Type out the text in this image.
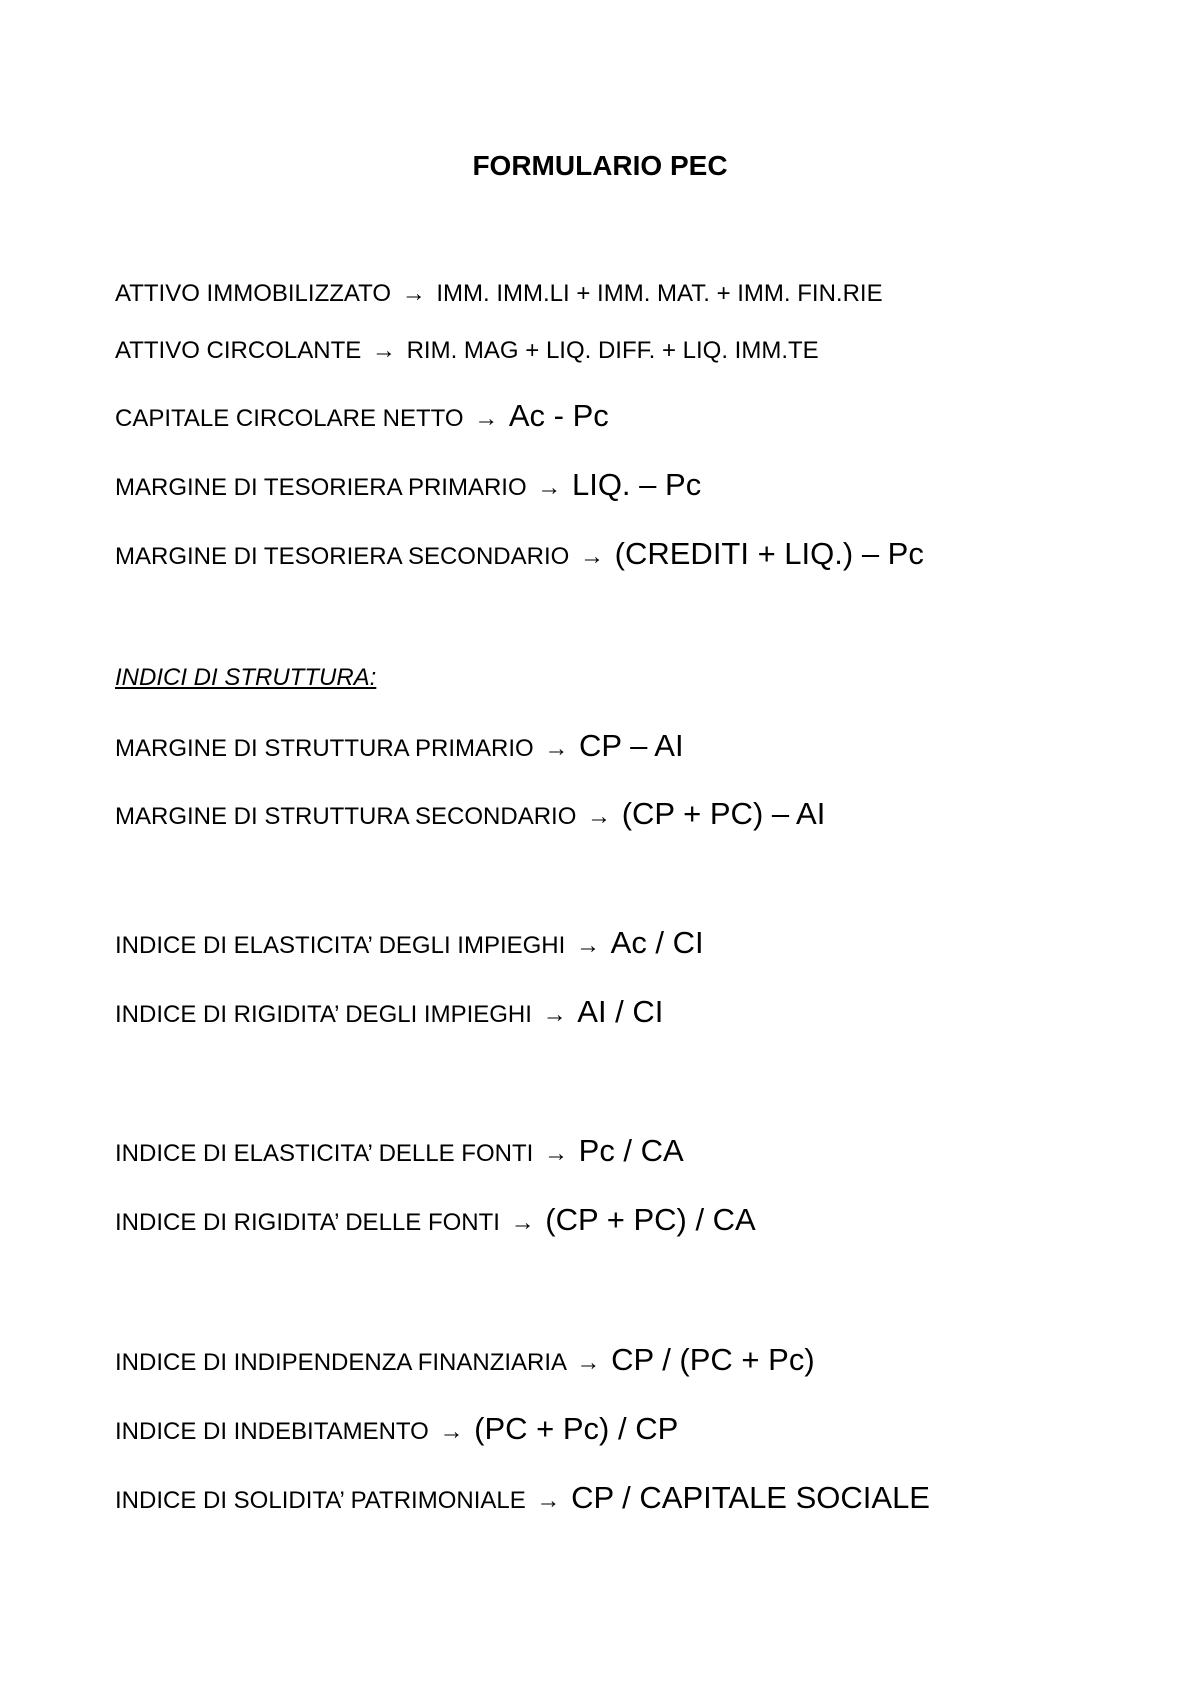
FORMULARIO PEC
ATTIVO IMMOBILIZZATO → IMM. IMM.LI + IMM. MAT. + IMM. FIN.RIE
ATTIVO CIRCOLANTE → RIM. MAG + LIQ. DIFF. + LIQ. IMM.TE
CAPITALE CIRCOLARE NETTO → Ac - Pc
MARGINE DI TESORIERA PRIMARIO → LIQ. – Pc
MARGINE DI TESORIERA SECONDARIO → (CREDITI + LIQ.) – Pc
INDICI DI STRUTTURA:
MARGINE DI STRUTTURA PRIMARIO → CP – AI
MARGINE DI STRUTTURA SECONDARIO → (CP + PC) – AI
INDICE DI ELASTICITA’ DEGLI IMPIEGHI → Ac / CI
INDICE DI RIGIDITA’ DEGLI IMPIEGHI → AI / CI
INDICE DI ELASTICITA’ DELLE FONTI → Pc / CA
INDICE DI RIGIDITA’ DELLE FONTI → (CP + PC) / CA
INDICE DI INDIPENDENZA FINANZIARIA → CP / (PC + Pc)
INDICE DI INDEBITAMENTO → (PC + Pc) / CP
INDICE DI SOLIDITA’ PATRIMONIALE → CP / CAPITALE SOCIALE
